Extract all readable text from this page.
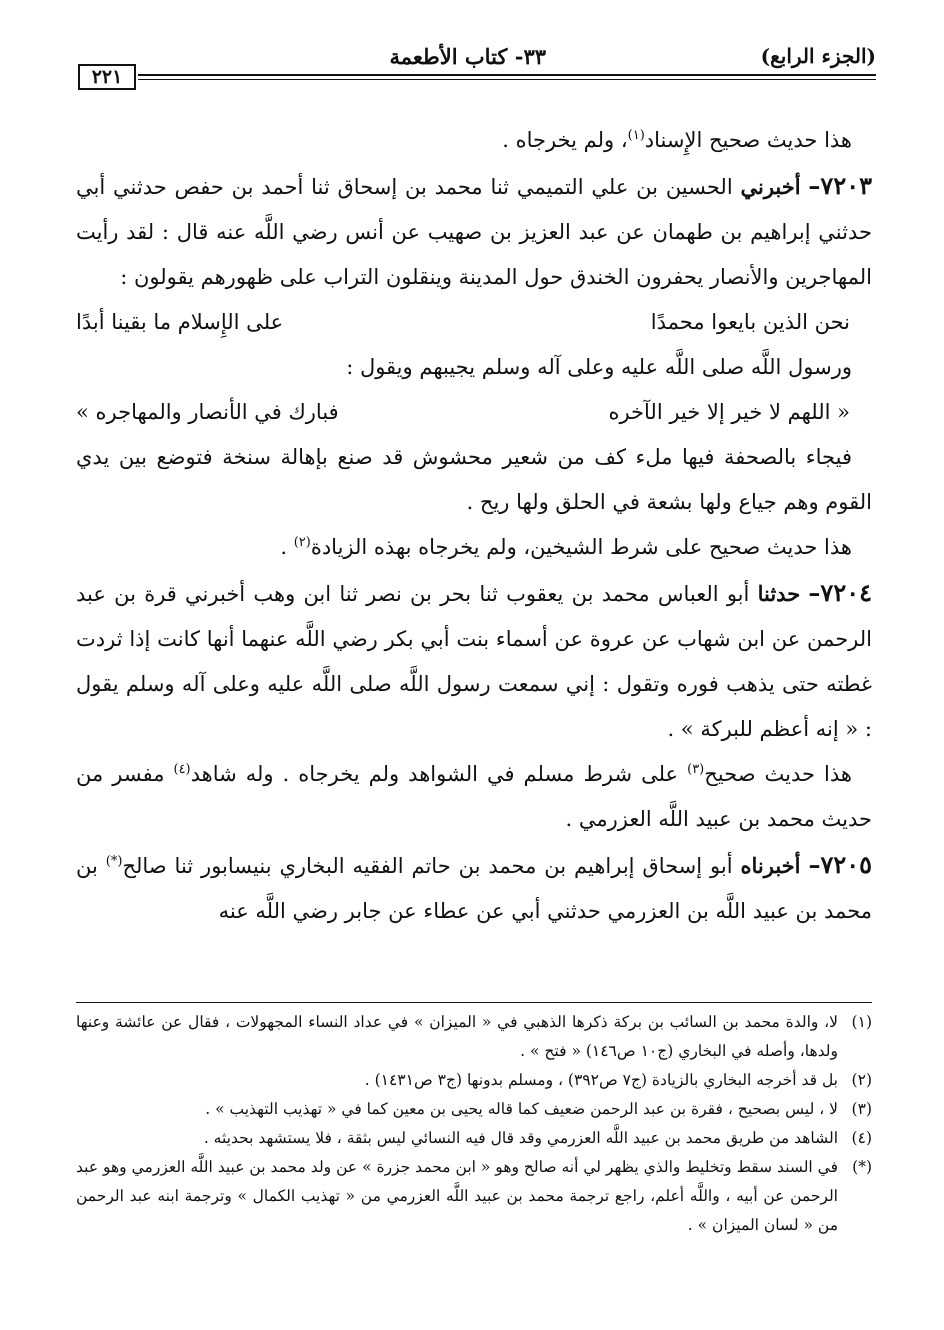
(الجزء الرابع)
٣٣- كتاب الأطعمة
٢٢١

هذا حديث صحيح الإِسناد$^{(١)}$، ولم يخرجاه .

٧٢٠٣– أخبرني الحسين بن علي التميمي ثنا محمد بن إسحاق ثنا أحمد بن حفص حدثني أبي حدثني إبراهيم بن طهمان عن عبد العزيز بن صهيب عن أنس رضي اللَّه عنه قال : لقد رأيت المهاجرين والأنصار يحفرون الخندق حول المدينة وينقلون التراب على ظهورهم يقولون :

نحن الذين بايعوا محمدًا
على الإِسلام ما بقينا أبدًا

ورسول اللَّه صلى اللَّه عليه وعلى آله وسلم يجيبهم ويقول :

« اللهم لا خير إلا خير الآخره
فبارك في الأنصار والمهاجره »

فيجاء بالصحفة فيها ملء كف من شعير محشوش قد صنع بإهالة سنخة فتوضع بين يدي القوم وهم جياع ولها بشعة في الحلق ولها ريح .

هذا حديث صحيح على شرط الشيخين، ولم يخرجاه بهذه الزيادة$^{(٢)}$ .

٧٢٠٤– حدثنا أبو العباس محمد بن يعقوب ثنا بحر بن نصر ثنا ابن وهب أخبرني قرة بن عبد الرحمن عن ابن شهاب عن عروة عن أسماء بنت أبي بكر رضي اللَّه عنهما أنها كانت إذا ثردت غطته حتى يذهب فوره وتقول : إني سمعت رسول اللَّه صلى اللَّه عليه وعلى آله وسلم يقول : « إنه أعظم للبركة » .

هذا حديث صحيح$^{(٣)}$ على شرط مسلم في الشواهد ولم يخرجاه . وله شاهد$^{(٤)}$ مفسر من حديث محمد بن عبيد اللَّه العزرمي .

٧٢٠٥– أخبرناه أبو إسحاق إبراهيم بن محمد بن حاتم الفقيه البخاري بنيسابور ثنا صالح(*) بن محمد بن عبيد اللَّه بن العزرمي حدثني أبي عن عطاء عن جابر رضي اللَّه عنه

(١)
لا، والدة محمد بن السائب بن بركة ذكرها الذهبي في « الميزان » في عداد النساء المجهولات ، فقال عن عائشة وعنها ولدها، وأصله في البخاري (ج١٠ ص١٤٦) « فتح » .
(٢)
بل قد أخرجه البخاري بالزيادة (ج٧ ص٣٩٢) ، ومسلم بدونها (ج٣ ص١٤٣١) .
(٣)
لا ، ليس بصحيح ، فقرة بن عبد الرحمن ضعيف كما قاله يحيى بن معين كما في « تهذيب التهذيب » .
(٤)
الشاهد من طريق محمد بن عبيد اللَّه العزرمي وقد قال فيه النسائي ليس بثقة ، فلا يستشهد بحديثه .
(*)
في السند سقط وتخليط والذي يظهر لي أنه صالح وهو « ابن محمد جزرة » عن ولد محمد بن عبيد اللَّه العزرمي وهو عبد الرحمن عن أبيه ، واللَّه أعلم، راجع ترجمة محمد بن عبيد اللَّه العزرمي من « تهذيب الكمال » وترجمة ابنه عبد الرحمن من « لسان الميزان » .
